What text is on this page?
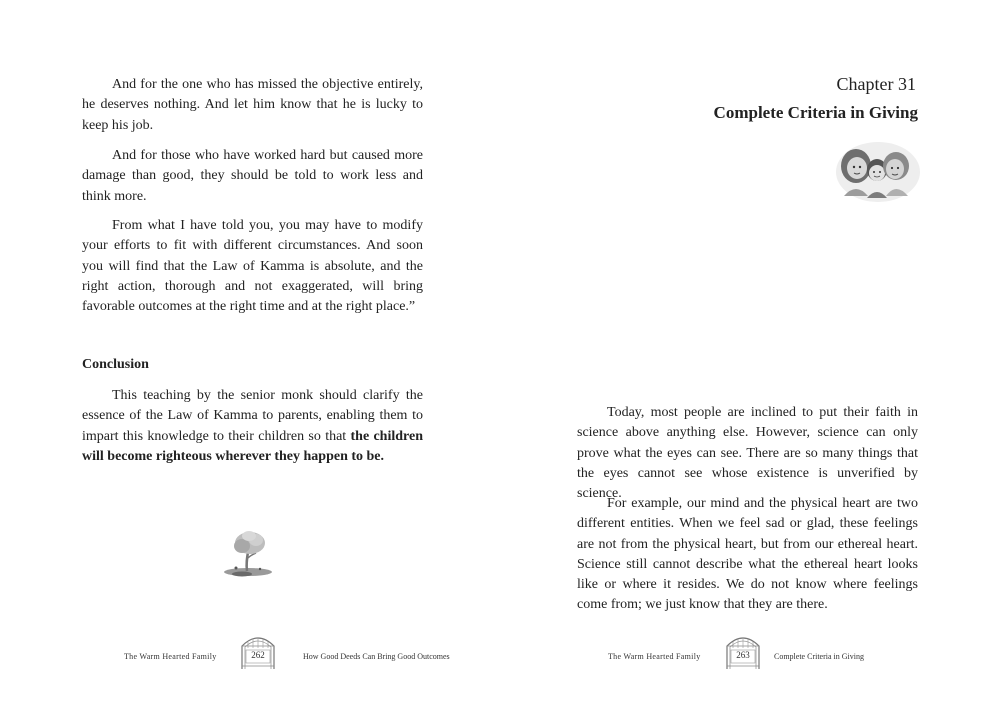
And for the one who has missed the objective entirely, he deserves nothing. And let him know that he is lucky to keep his job.

And for those who have worked hard but caused more damage than good, they should be told to work less and think more.

From what I have told you, you may have to modify your efforts to fit with different circumstances. And soon you will find that the Law of Kamma is absolute, and the right action, thorough and not exaggerated, will bring favorable outcomes at the right time and at the right place.”

Conclusion

This teaching by the senior monk should clarify the essence of the Law of Kamma to parents, enabling them to impart this knowledge to their children so that the children will become righteous wherever they happen to be.

The Warm Hearted Family	262	How Good Deeds Can Bring Good Outcomes
Chapter 31
Complete Criteria in Giving

Today, most people are inclined to put their faith in science above anything else. However, science can only prove what the eyes can see. There are so many things that the eyes cannot see whose existence is unverified by science.

For example, our mind and the physical heart are two different entities. When we feel sad or glad, these feelings are not from the physical heart, but from our ethereal heart. Science still cannot describe what the ethereal heart looks like or where it resides. We do not know where feelings come from; we just know that they are there.

The Warm Hearted Family	263	Complete Criteria in Giving
